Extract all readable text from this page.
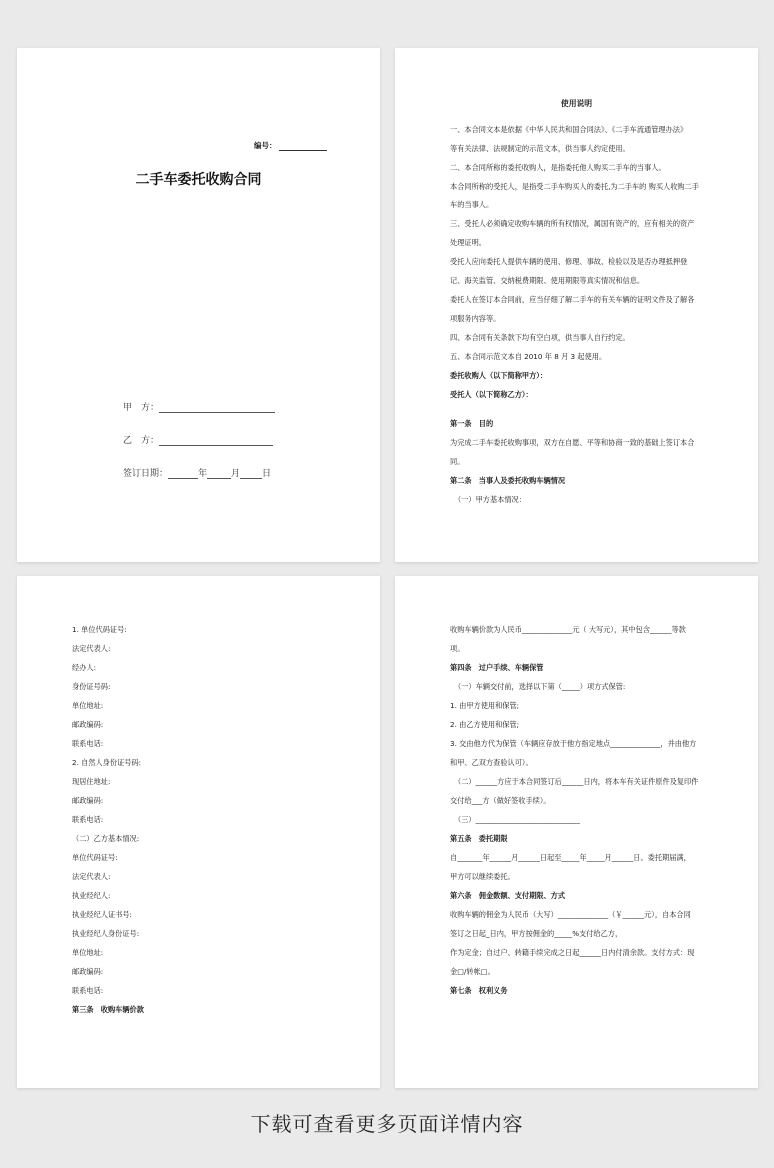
编号：
二手车委托收购合同
甲　方：
乙　方：
签订日期：	年	月 日
使用说明
一、本合同文本是依据《中华人民共和国合同法》、《二手车流通管理办法》
等有关法律、法规制定的示范文本，供当事人约定使用。
二、本合同所称的委托收购人，是指委托他人购买二手车的当事人。
本合同所称的受托人，是指受二手车购买人的委托,为二手车的 购买人收购二手
车的当事人。
三、受托人必须确定收购车辆的所有权情况，属国有资产的，应有相关的资产
处理证明。
受托人应向委托人提供车辆的使用、修理、事故、检验以及是否办理抵押登
记、海关监管、交纳税费期限、使用期限等真实情况和信息。
委托人在签订本合同前，应当仔细了解二手车的有关车辆的证明文件及了解各
项服务内容等。
四、本合同有关条款下均有空白项，供当事人自行约定。
五、本合同示范文本自 2010 年 8 月 3 起使用。
委托收购人（以下简称甲方）：
受托人（以下简称乙方）：
第一条　目的
为完成二手车委托收购事项，双方在自愿、平等和协商一致的基础上签订本合
同。
第二条　当事人及委托收购车辆情况
（一）甲方基本情况：
1. 单位代码证号:
法定代表人:
经办人:
身份证号码:
单位地址:
邮政编码:
联系电话:
2. 自然人身份证号码:
现居住地址:
邮政编码:
联系电话:
（二）乙方基本情况:
单位代码证号:
法定代表人:
执业经纪人:
执业经纪人证书号:
执业经纪人身份证号:
单位地址:
邮政编码:
联系电话:
第三条　收购车辆价款
收购车辆价款为人民币______________元（ 大写元），其中包含______等款
项。
第四条　过户手续、车辆保管
（一）车辆交付前，选择以下第（_____）项方式保管:
1. 由甲方使用和保管;
2. 由乙方使用和保管;
3. 交由他方代为保管（车辆应存放于他方指定地点______________，并由他方
和甲、乙双方查验认可）。
（二）______方应于本合同签订后______日内，将本车有关证件原件及复印件
交付给___方（做好签收手续）。
（三）_____________________________
第五条　委托期限
自_______年______月______日起至_____年_____月______日。委托期届满，
甲方可以继续委托。
第六条　佣金数额、支付期限、方式
收购车辆的佣金为人民币（大写）______________（￥______元），自本合同
签订之日起_日内，甲方按佣金的_____%支付给乙方，
作为定金；自过户、转籍手续完成之日起______日内付清余款。支付方式：现
金□/转帐□。
第七条　权利义务
下载可查看更多页面详情内容
